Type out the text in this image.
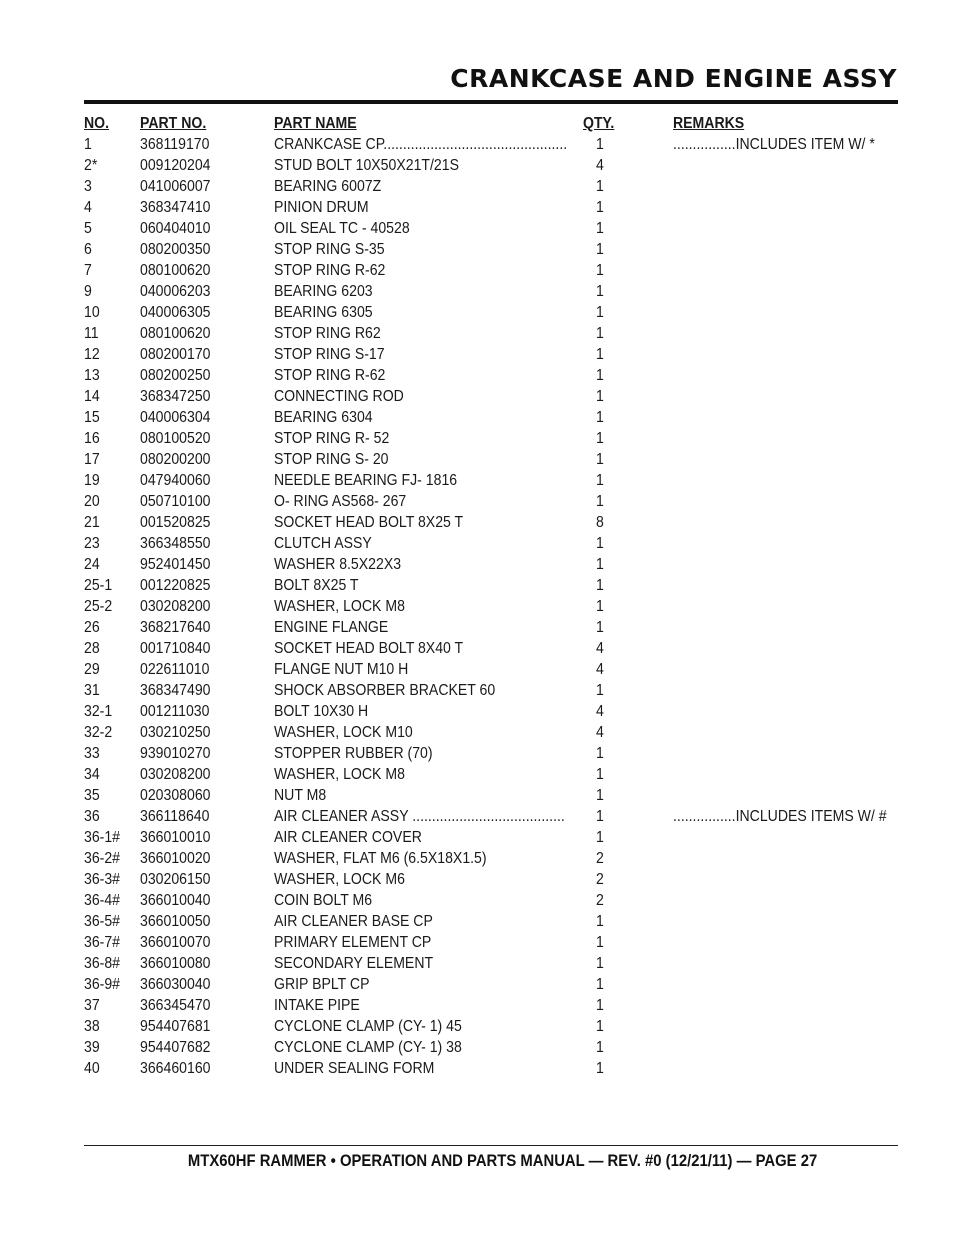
CRANKCASE AND ENGINE ASSY
NO. PART NO.	PART NAME	QTY.	REMARKS
1	368119170	CRANKCASE CP............................................... 1	................INCLUDES ITEM W/ *
2*	009120204	STUD BOLT 10X50X21T/21S	4
3	041006007	BEARING 6007Z	1
4	368347410	PINION DRUM	1
5	060404010	OIL SEAL TC - 40528	1
6	080200350	STOP RING S-35	1
7	080100620	STOP RING R-62	1
9	040006203	BEARING 6203	1
10	040006305	BEARING 6305	1
11	080100620	STOP RING R62	1
12	080200170	STOP RING S-17	1
13	080200250	STOP RING R-62	1
14	368347250	CONNECTING ROD	1
15	040006304	BEARING 6304	1
16	080100520	STOP RING R- 52	1
17	080200200	STOP RING S- 20	1
19	047940060	NEEDLE BEARING FJ- 1816	1
20	050710100	O- RING AS568- 267	1
21	001520825	SOCKET HEAD BOLT 8X25 T	8
23	366348550	CLUTCH ASSY	1
24	952401450	WASHER 8.5X22X3	1
25-1 001220825	BOLT 8X25 T	1
25-2 030208200	WASHER, LOCK M8	1
26	368217640	ENGINE FLANGE	1
28	001710840	SOCKET HEAD BOLT 8X40 T	4
29	022611010	FLANGE NUT M10 H	4
31	368347490	SHOCK ABSORBER BRACKET 60	1
32-1 001211030	BOLT 10X30 H	4
32-2 030210250	WASHER, LOCK M10	4
33	939010270	STOPPER RUBBER (70)	1
34	030208200	WASHER, LOCK M8	1
35	020308060	NUT M8	1
36	366118640	AIR CLEANER ASSY ....................................... 1	................INCLUDES ITEMS W/ #
36-1# 366010010	AIR CLEANER COVER	1
36-2# 366010020	WASHER, FLAT M6 (6.5X18X1.5)	2
36-3# 030206150	WASHER, LOCK M6	2
36-4# 366010040	COIN BOLT M6	2
36-5# 366010050	AIR CLEANER BASE CP	1
36-7# 366010070	PRIMARY ELEMENT CP	1
36-8# 366010080	SECONDARY ELEMENT	1
36-9# 366030040	GRIP BPLT CP	1
37	366345470	INTAKE PIPE	1
38	954407681	CYCLONE CLAMP (CY- 1) 45	1
39	954407682	CYCLONE CLAMP (CY- 1) 38	1
40	366460160	UNDER SEALING FORM	1
MTX60HF RAMMER • OPERATION AND PARTS MANUAL — REV. #0 (12/21/11) — PAGE 27
